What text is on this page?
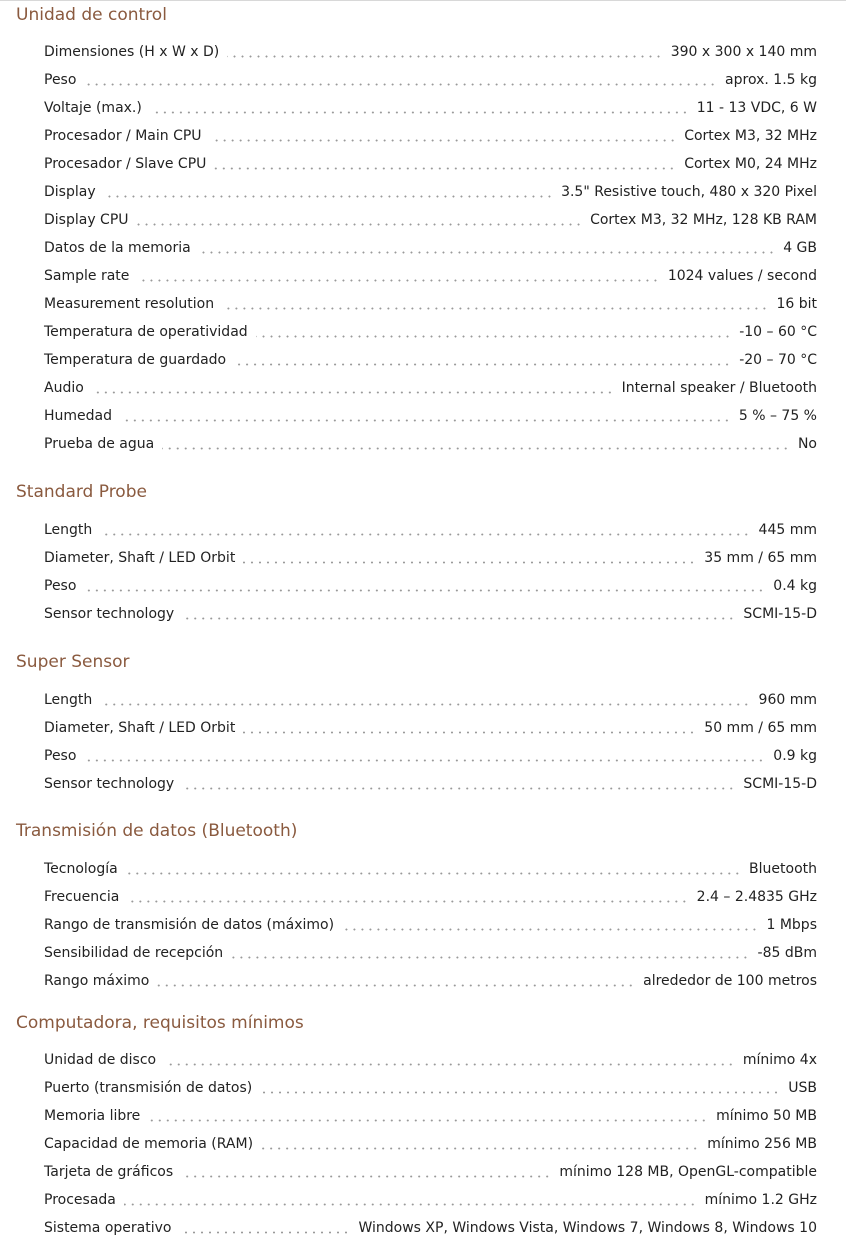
Unidad de control
Dimensiones (H x W x D)	390 x 300 x 140 mm
Peso	aprox. 1.5 kg
Voltaje (max.)	11 - 13 VDC, 6 W
Procesador / Main CPU	Cortex M3, 32 MHz
Procesador / Slave CPU	Cortex M0, 24 MHz
Display	3.5" Resistive touch, 480 x 320 Pixel
Display CPU	Cortex M3, 32 MHz, 128 KB RAM
Datos de la memoria	4 GB
Sample rate	1024 values / second
Measurement resolution	16 bit
Temperatura de operatividad	-10 – 60 °C
Temperatura de guardado	-20 – 70 °C
Audio	Internal speaker / Bluetooth
Humedad	5 % – 75 %
Prueba de agua	No
Standard Probe
Length	445 mm
Diameter, Shaft / LED Orbit	35 mm / 65 mm
Peso	0.4 kg
Sensor technology	SCMI-15-D
Super Sensor
Length	960 mm
Diameter, Shaft / LED Orbit	50 mm / 65 mm
Peso	0.9 kg
Sensor technology	SCMI-15-D
Transmisión de datos (Bluetooth)
Tecnología	Bluetooth
Frecuencia	2.4 – 2.4835 GHz
Rango de transmisión de datos (máximo)	1 Mbps
Sensibilidad de recepción	-85 dBm
Rango máximo	alrededor de 100 metros
Computadora, requisitos mínimos
Unidad de disco	mínimo 4x
Puerto (transmisión de datos)	USB
Memoria libre	mínimo 50 MB
Capacidad de memoria (RAM)	mínimo 256 MB
Tarjeta de gráficos	mínimo 128 MB, OpenGL-compatible
Procesada	mínimo 1.2 GHz
Sistema operativo	Windows XP, Windows Vista, Windows 7, Windows 8, Windows 10
